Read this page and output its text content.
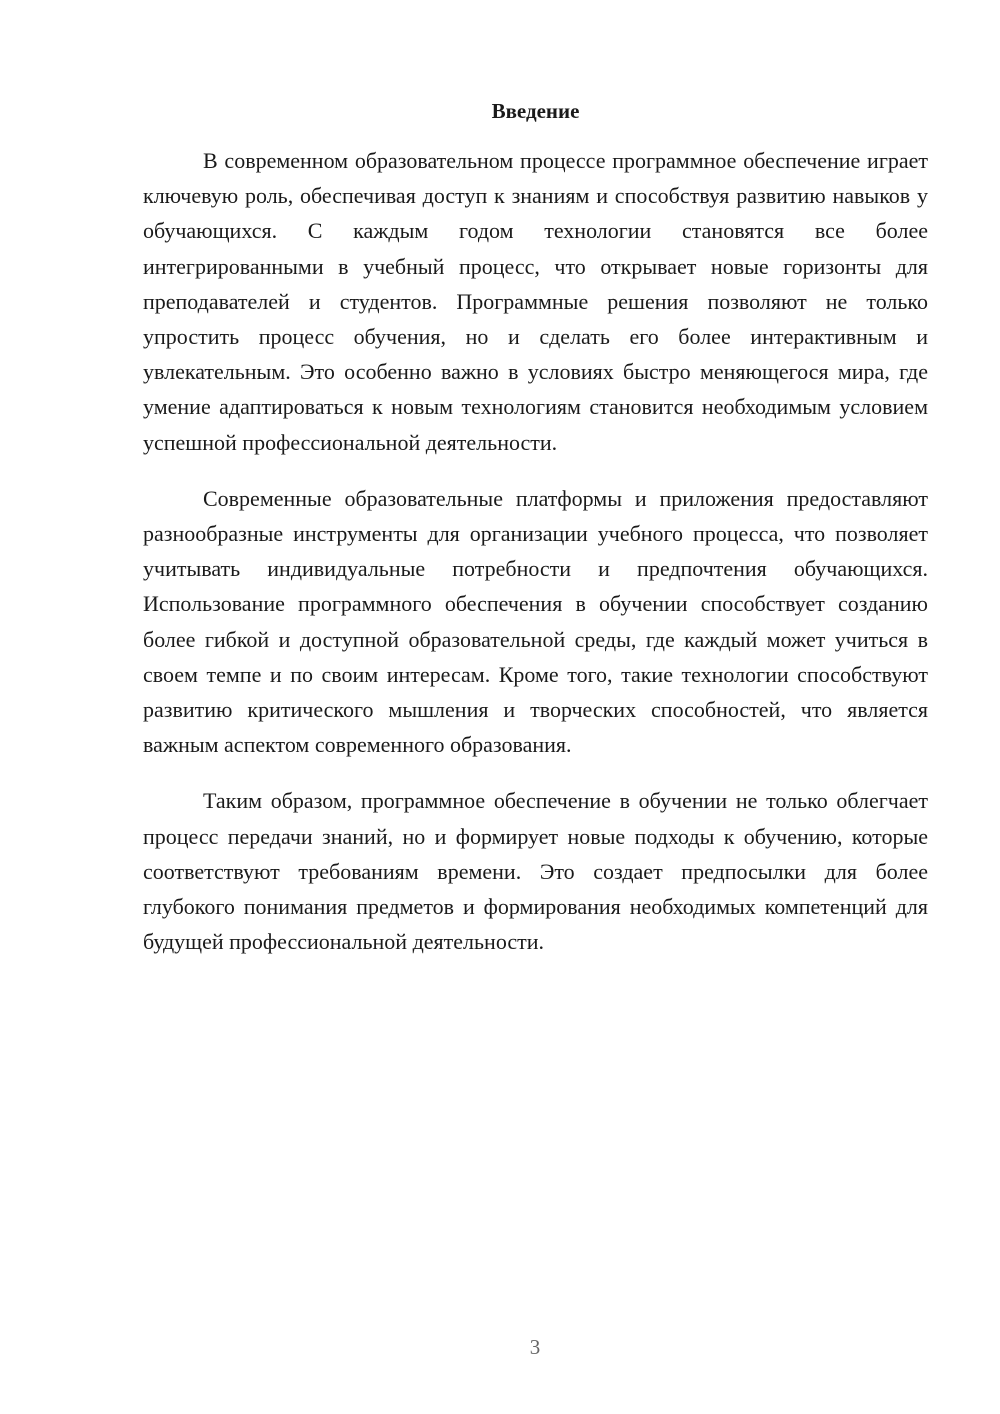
Введение

В современном образовательном процессе программное обеспечение играет ключевую роль, обеспечивая доступ к знаниям и способствуя развитию навыков у обучающихся. С каждым годом технологии становятся все более интегрированными в учебный процесс, что открывает новые горизонты для преподавателей и студентов. Программные решения позволяют не только упростить процесс обучения, но и сделать его более интерактивным и увлекательным. Это особенно важно в условиях быстро меняющегося мира, где умение адаптироваться к новым технологиям становится необходимым условием успешной профессиональной деятельности.

Современные образовательные платформы и приложения предоставляют разнообразные инструменты для организации учебного процесса, что позволяет учитывать индивидуальные потребности и предпочтения обучающихся. Использование программного обеспечения в обучении способствует созданию более гибкой и доступной образовательной среды, где каждый может учиться в своем темпе и по своим интересам. Кроме того, такие технологии способствуют развитию критического мышления и творческих способностей, что является важным аспектом современного образования.

Таким образом, программное обеспечение в обучении не только облегчает процесс передачи знаний, но и формирует новые подходы к обучению, которые соответствуют требованиям времени. Это создает предпосылки для более глубокого понимания предметов и формирования необходимых компетенций для будущей профессиональной деятельности.

3
